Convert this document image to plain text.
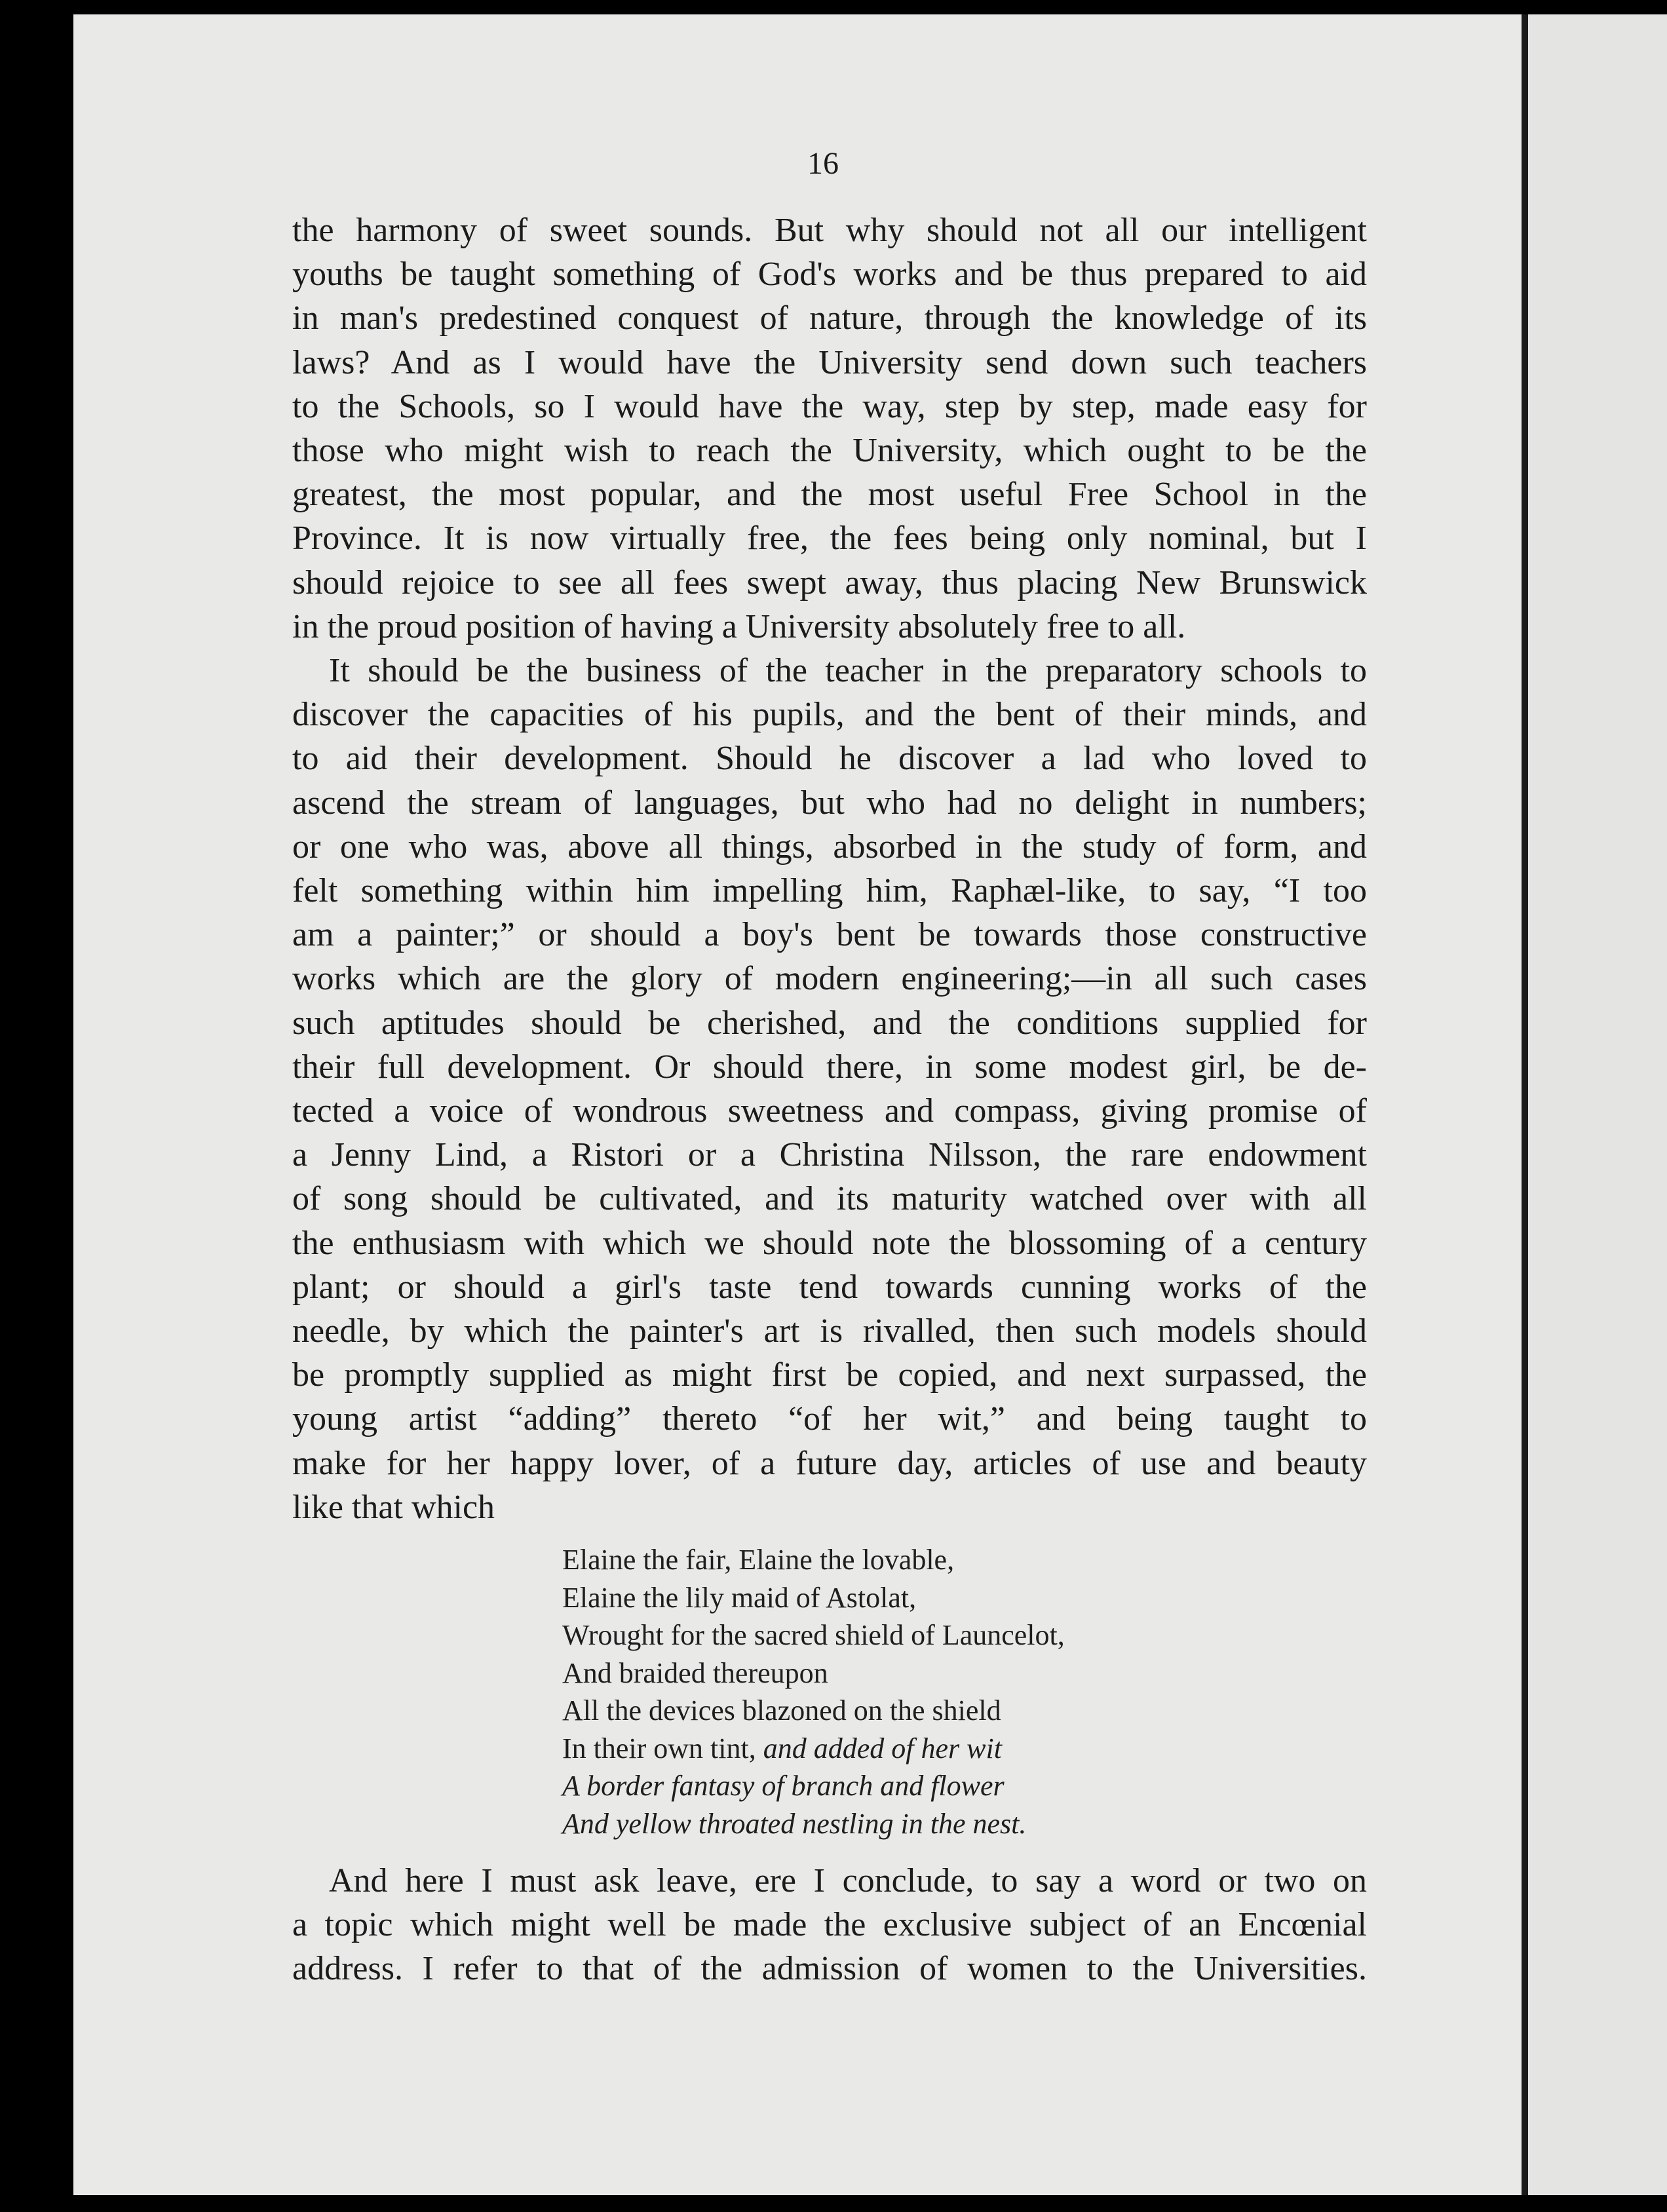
16

the harmony of sweet sounds. But why should not all our intelligent
youths be taught something of God's works and be thus prepared to aid
in man's predestined conquest of nature, through the knowledge of its
laws? And as I would have the University send down such teachers
to the Schools, so I would have the way, step by step, made easy for
those who might wish to reach the University, which ought to be the
greatest, the most popular, and the most useful Free School in the
Province. It is now virtually free, the fees being only nominal, but I
should rejoice to see all fees swept away, thus placing New Brunswick
in the proud position of having a University absolutely free to all.
It should be the business of the teacher in the preparatory schools to
discover the capacities of his pupils, and the bent of their minds, and
to aid their development. Should he discover a lad who loved to
ascend the stream of languages, but who had no delight in numbers;
or one who was, above all things, absorbed in the study of form, and
felt something within him impelling him, Raphæl-like, to say, “I too
am a painter;” or should a boy's bent be towards those constructive
works which are the glory of modern engineering;—in all such cases
such aptitudes should be cherished, and the conditions supplied for
their full development. Or should there, in some modest girl, be de-
tected a voice of wondrous sweetness and compass, giving promise of
a Jenny Lind, a Ristori or a Christina Nilsson, the rare endowment
of song should be cultivated, and its maturity watched over with all
the enthusiasm with which we should note the blossoming of a century
plant; or should a girl's taste tend towards cunning works of the
needle, by which the painter's art is rivalled, then such models should
be promptly supplied as might first be copied, and next surpassed, the
young artist “adding” thereto “of her wit,” and being taught to
make for her happy lover, of a future day, articles of use and beauty
like that which
Elaine the fair, Elaine the lovable,
Elaine the lily maid of Astolat,
Wrought for the sacred shield of Launcelot,
And braided thereupon
All the devices blazoned on the shield
In their own tint, and added of her wit
A border fantasy of branch and flower
And yellow throated nestling in the nest.
And here I must ask leave, ere I conclude, to say a word or two on
a topic which might well be made the exclusive subject of an Encœnial
address. I refer to that of the admission of women to the Universities.
